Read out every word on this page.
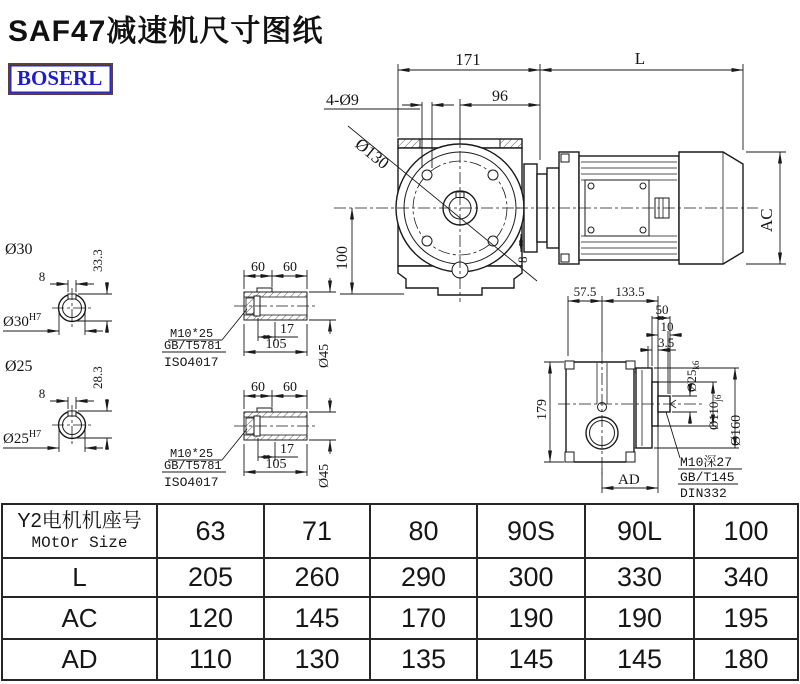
SAF47减速机尺寸图纸
BOSERL
171	L
96
4-Ø9
Ø130
100
AC
8
60 60
17
105 Ø45
M10*25
GB/T5781
ISO4017
60 60
17
105 Ø45
M10*25
GB/T5781
ISO4017
Ø30
8
33.3
$Ø30^{H7}$
Ø25
8
28.3
$Ø25^{H7}$
57.5 133.5
50
10
3.5
$Ø25_{k6}$
$Ø110_{j6}$
Ø160
179
AD
M10深27
GB/T145
DIN332
Y2电机机座号
MOtOr Size	63	71	80	90S	90L	100
L	205	260	290	300	330	340
AC	120	145	170	190	190	195
AD	110	130	135	145	145	180
